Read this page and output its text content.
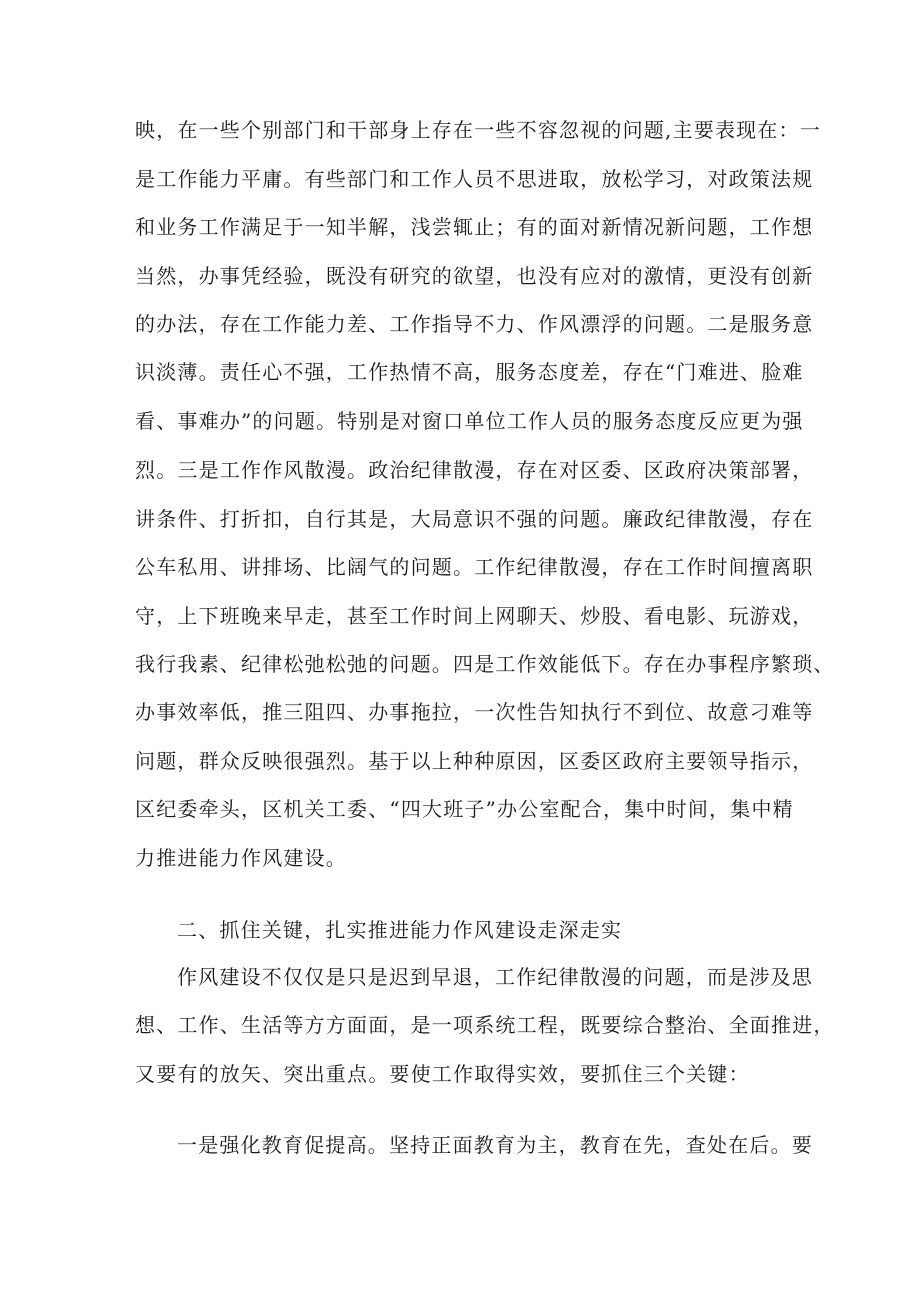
映，在一些个别部门和干部身上存在一些不容忽视的问题,主要表现在：一
是工作能力平庸。有些部门和工作人员不思进取，放松学习，对政策法规
和业务工作满足于一知半解，浅尝辄止；有的面对新情况新问题，工作想
当然，办事凭经验，既没有研究的欲望，也没有应对的激情，更没有创新
的办法，存在工作能力差、工作指导不力、作风漂浮的问题。二是服务意
识淡薄。责任心不强，工作热情不高，服务态度差，存在“门难进、脸难
看、事难办”的问题。特别是对窗口单位工作人员的服务态度反应更为强
烈。三是工作作风散漫。政治纪律散漫，存在对区委、区政府决策部署，
讲条件、打折扣，自行其是，大局意识不强的问题。廉政纪律散漫，存在
公车私用、讲排场、比阔气的问题。工作纪律散漫，存在工作时间擅离职
守，上下班晚来早走，甚至工作时间上网聊天、炒股、看电影、玩游戏，
我行我素、纪律松弛松弛的问题。四是工作效能低下。存在办事程序繁琐、
办事效率低，推三阻四、办事拖拉，一次性告知执行不到位、故意刁难等
问题，群众反映很强烈。基于以上种种原因，区委区政府主要领导指示，
区纪委牵头，区机关工委、“四大班子”办公室配合，集中时间，集中精
力推进能力作风建设。
二、抓住关键，扎实推进能力作风建设走深走实
作风建设不仅仅是只是迟到早退，工作纪律散漫的问题，而是涉及思
想、工作、生活等方方面面，是一项系统工程，既要综合整治、全面推进，
又要有的放矢、突出重点。要使工作取得实效，要抓住三个关键：
一是强化教育促提高。坚持正面教育为主，教育在先，查处在后。要
